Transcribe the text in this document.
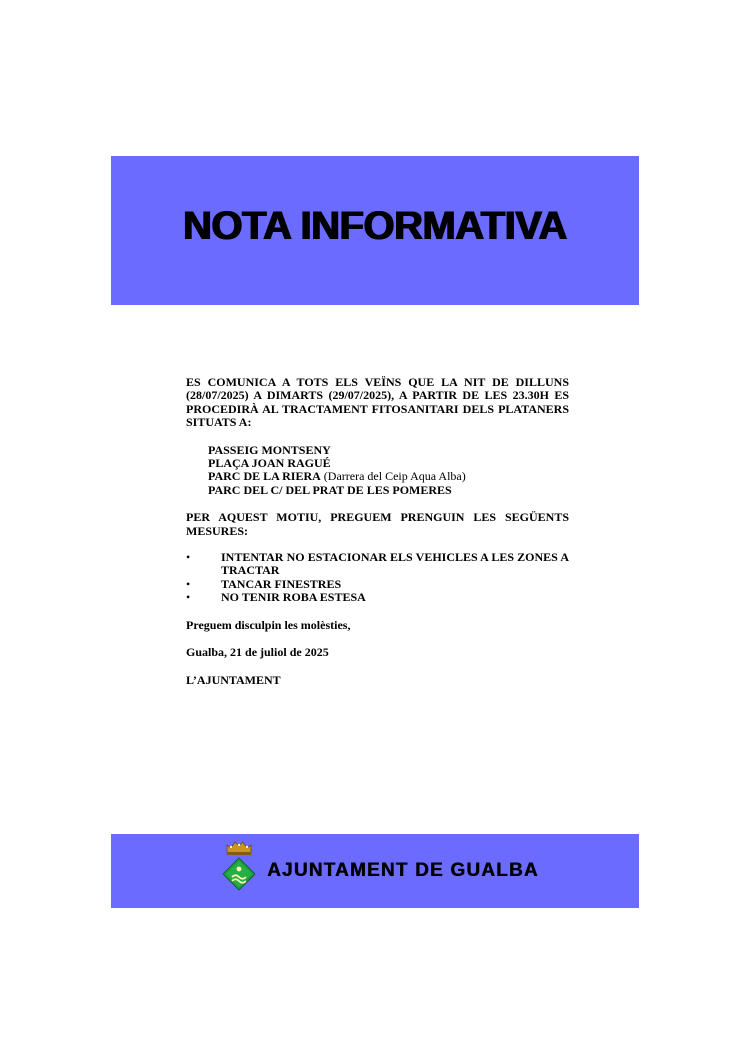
NOTA INFORMATIVA

ES COMUNICA A TOTS ELS VEÏNS QUE LA NIT DE DILLUNS (28/07/2025) A DIMARTS (29/07/2025), A PARTIR DE LES 23.30H ES PROCEDIRÀ AL TRACTAMENT FITOSANITARI DELS PLATANERS SITUATS A:

PASSEIG MONTSENY
PLAÇA JOAN RAGUÉ
PARC DE LA RIERA (Darrera del Ceip Aqua Alba)
PARC DEL C/ DEL PRAT DE LES POMERES

PER AQUEST MOTIU, PREGUEM PRENGUIN LES SEGÜENTS MESURES:

•	INTENTAR NO ESTACIONAR ELS VEHICLES A LES ZONES A TRACTAR
•	TANCAR FINESTRES
•	NO TENIR ROBA ESTESA

Preguem disculpin les molèsties,

Gualba, 21 de juliol de 2025

L’AJUNTAMENT

AJUNTAMENT DE GUALBA
